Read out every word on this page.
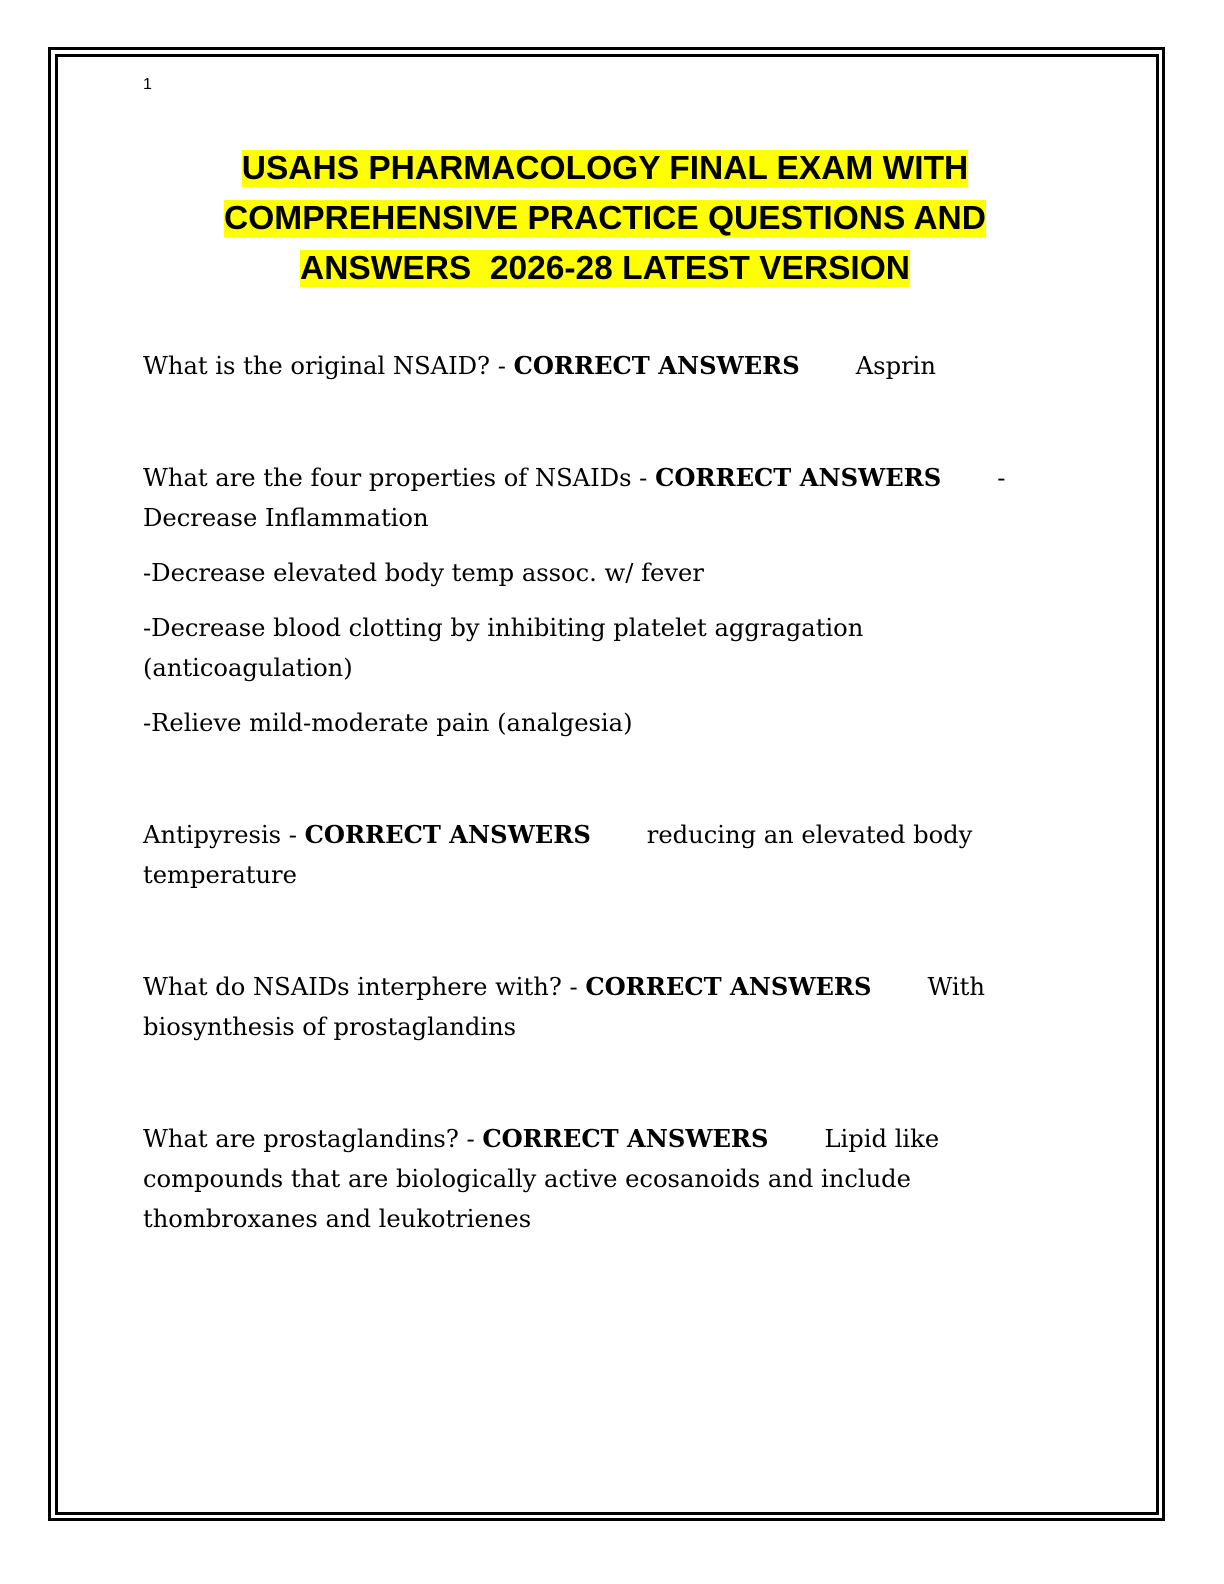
1
USAHS PHARMACOLOGY FINAL EXAM WITH
COMPREHENSIVE PRACTICE QUESTIONS AND
ANSWERS  2026-28 LATEST VERSION

What is the original NSAID? - CORRECT ANSWERS Asprin

What are the four properties of NSAIDs - CORRECT ANSWERS -
Decrease Inflammation

-Decrease elevated body temp assoc. w/ fever

-Decrease blood clotting by inhibiting platelet aggragation (anticoagulation)

-Relieve mild-moderate pain (analgesia)

Antipyresis - CORRECT ANSWERS reducing an elevated body temperature

What do NSAIDs interphere with? - CORRECT ANSWERS With biosynthesis of prostaglandins

What are prostaglandins? - CORRECT ANSWERS Lipid like compounds that are biologically active ecosanoids and include thombroxanes and leukotrienes
